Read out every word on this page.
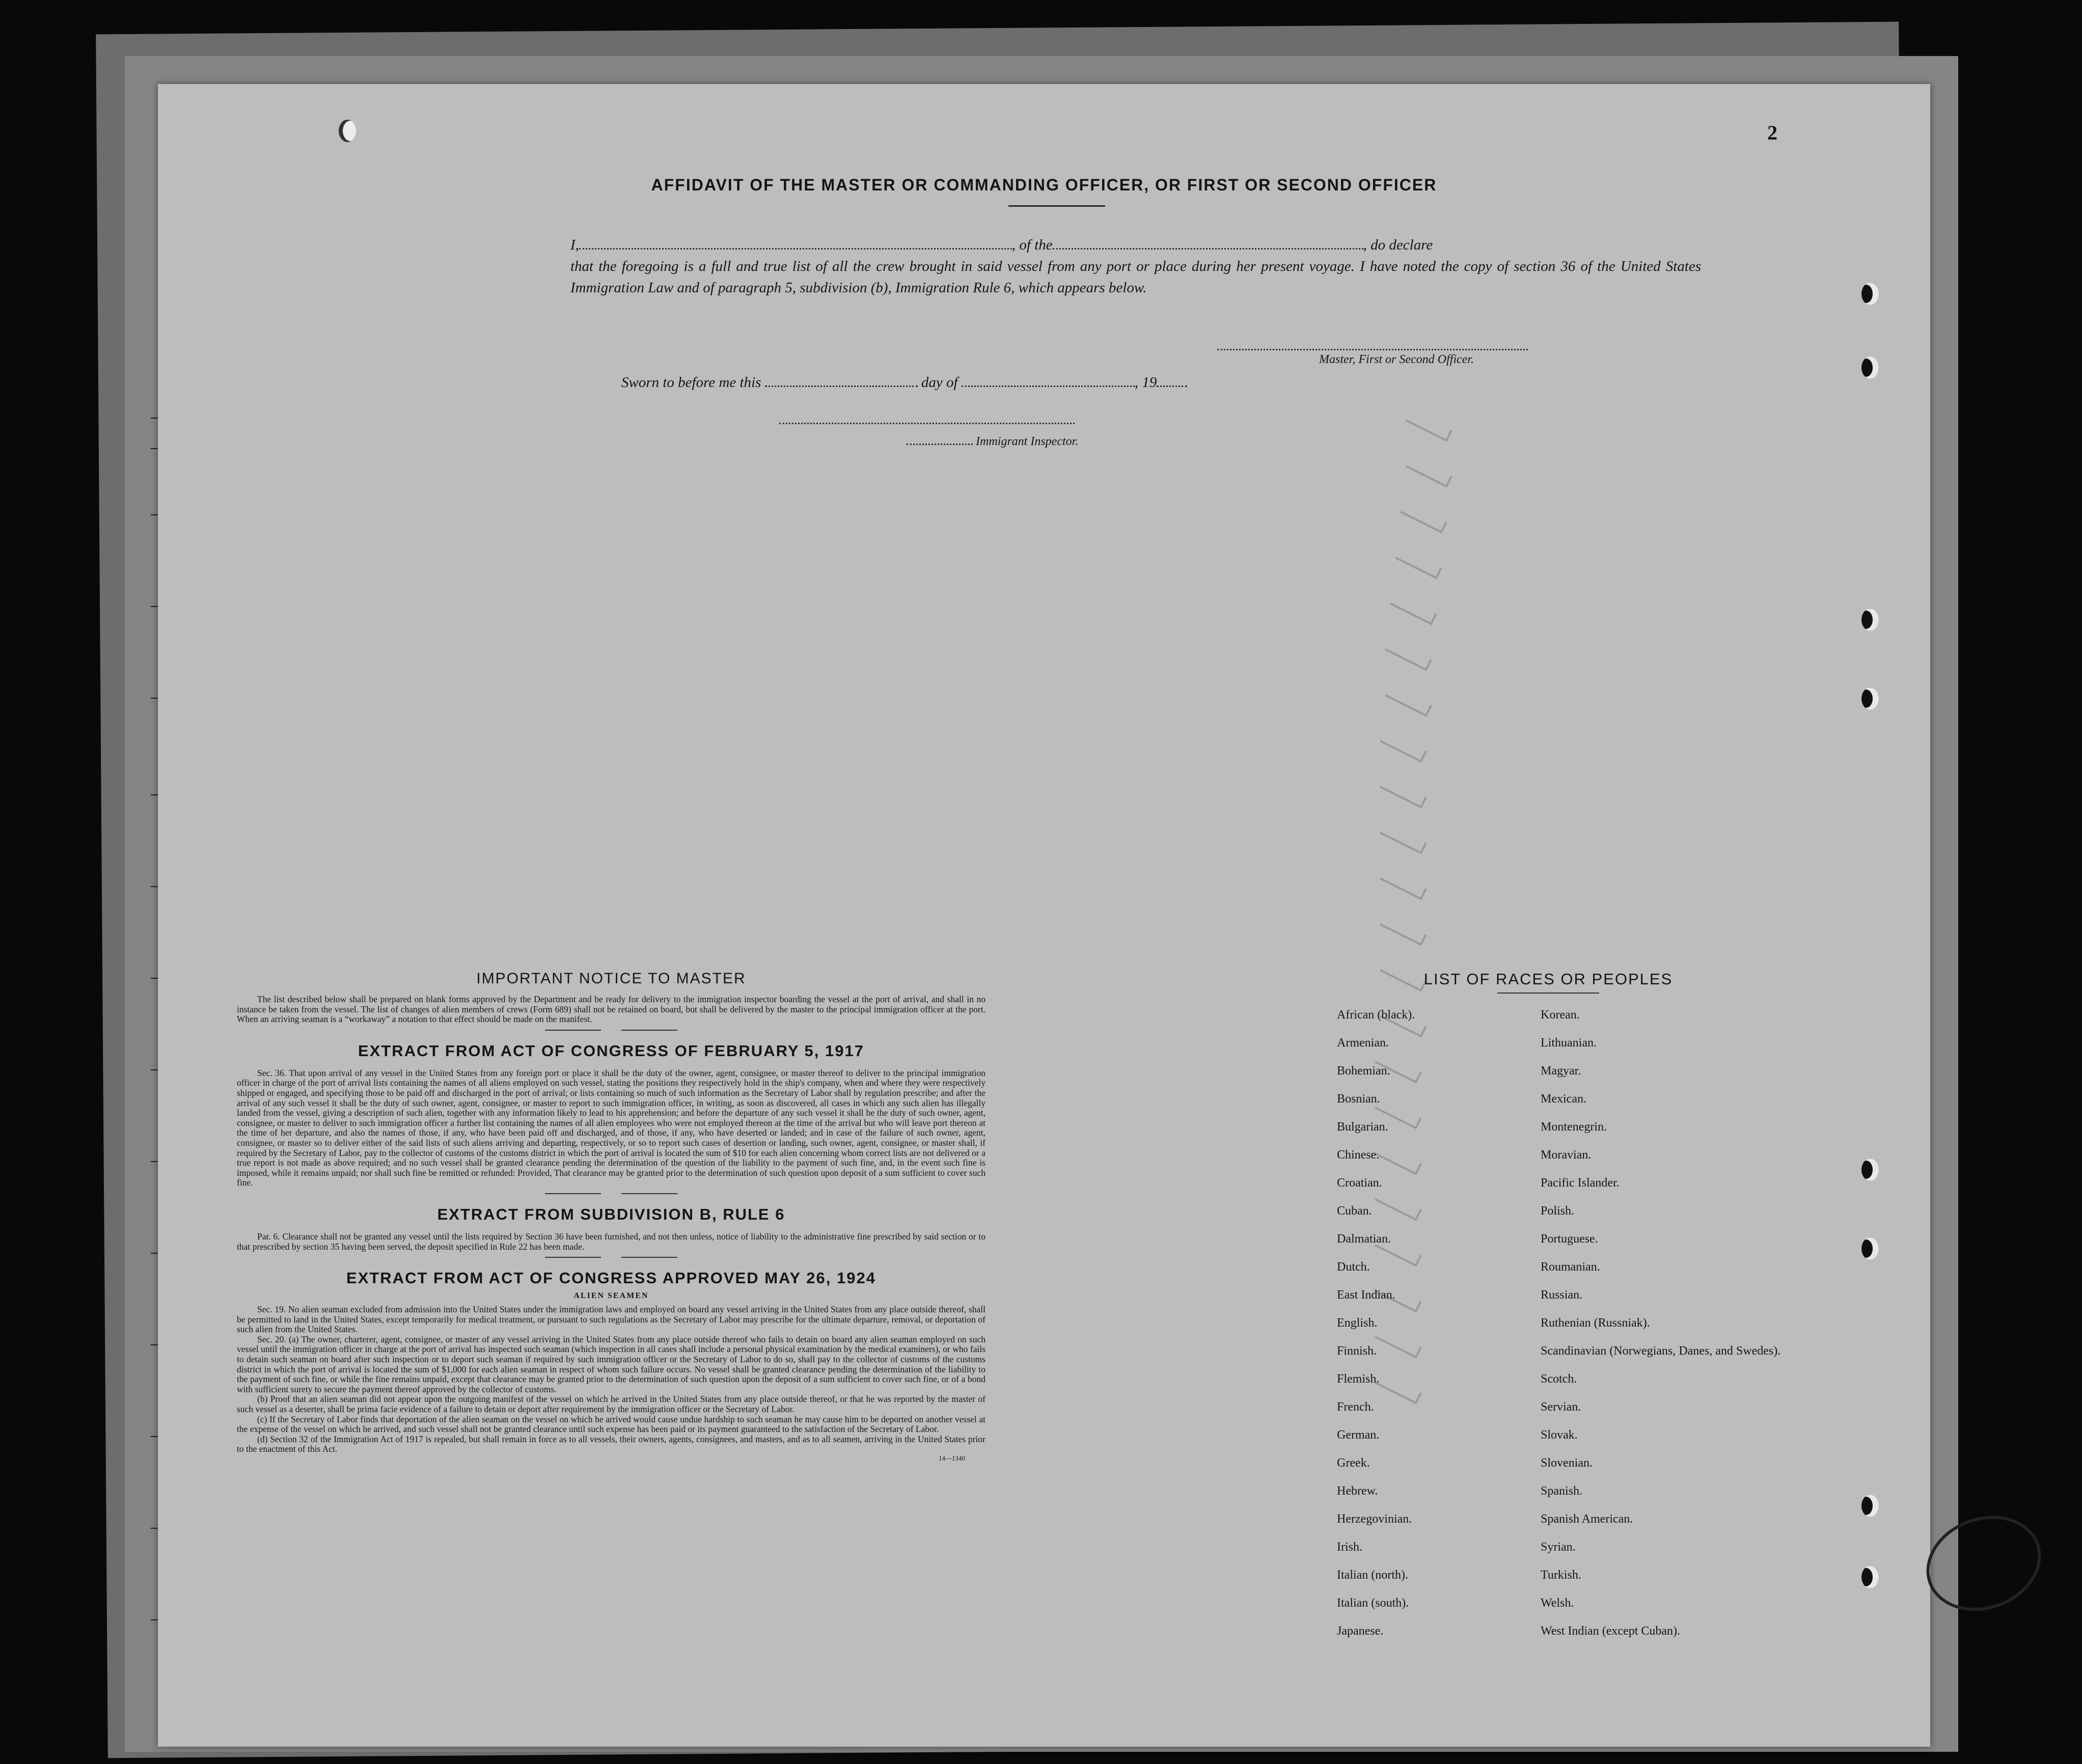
2
AFFIDAVIT OF THE MASTER OR COMMANDING OFFICER, OR FIRST OR SECOND OFFICER
I,	, of the	, do declare
that the foregoing is a full and true list of all the crew brought in said vessel from any port or place during her present voyage. I have noted the copy of section 36 of the United States Immigration Law and of paragraph 5, subdivision (b), Immigration Rule 6, which appears below.
Master, First or Second Officer.
Sworn to before me this	day of	, 19
Immigrant Inspector.
IMPORTANT NOTICE TO MASTER
The list described below shall be prepared on blank forms approved by the Department and be ready for delivery to the immigration inspector boarding the vessel at the port of arrival, and shall in no instance be taken from the vessel. The list of changes of alien members of crews (Form 689) shall not be retained on board, but shall be delivered by the master to the principal immigration officer at the port. When an arriving seaman is a “workaway” a notation to that effect should be made on the manifest.
EXTRACT FROM ACT OF CONGRESS OF FEBRUARY 5, 1917
Sec. 36. That upon arrival of any vessel in the United States from any foreign port or place it shall be the duty of the owner, agent, consignee, or master thereof to deliver to the principal immigration officer in charge of the port of arrival lists containing the names of all aliens employed on such vessel, stating the positions they respectively hold in the ship's company, when and where they were respectively shipped or engaged, and specifying those to be paid off and discharged in the port of arrival; or lists containing so much of such information as the Secretary of Labor shall by regulation prescribe; and after the arrival of any such vessel it shall be the duty of such owner, agent, consignee, or master to report to such immigration officer, in writing, as soon as discovered, all cases in which any such alien has illegally landed from the vessel, giving a description of such alien, together with any information likely to lead to his apprehension; and before the departure of any such vessel it shall be the duty of such owner, agent, consignee, or master to deliver to such immigration officer a further list containing the names of all alien employees who were not employed thereon at the time of the arrival but who will leave port thereon at the time of her departure, and also the names of those, if any, who have been paid off and discharged, and of those, if any, who have deserted or landed; and in case of the failure of such owner, agent, consignee, or master so to deliver either of the said lists of such aliens arriving and departing, respectively, or so to report such cases of desertion or landing, such owner, agent, consignee, or master shall, if required by the Secretary of Labor, pay to the collector of customs of the customs district in which the port of arrival is located the sum of $10 for each alien concerning whom correct lists are not delivered or a true report is not made as above required; and no such vessel shall be granted clearance pending the determination of the question of the liability to the payment of such fine, and, in the event such fine is imposed, while it remains unpaid; nor shall such fine be remitted or refunded: Provided, That clearance may be granted prior to the determination of such question upon deposit of a sum sufficient to cover such fine.
EXTRACT FROM SUBDIVISION B, RULE 6
Par. 6. Clearance shall not be granted any vessel until the lists required by Section 36 have been furnished, and not then unless, notice of liability to the administrative fine prescribed by said section or to that prescribed by section 35 having been served, the deposit specified in Rule 22 has been made.
EXTRACT FROM ACT OF CONGRESS APPROVED MAY 26, 1924
ALIEN SEAMEN
Sec. 19. No alien seaman excluded from admission into the United States under the immigration laws and employed on board any vessel arriving in the United States from any place outside thereof, shall be permitted to land in the United States, except temporarily for medical treatment, or pursuant to such regulations as the Secretary of Labor may prescribe for the ultimate departure, removal, or deportation of such alien from the United States.
Sec. 20. (a) The owner, charterer, agent, consignee, or master of any vessel arriving in the United States from any place outside thereof who fails to detain on board any alien seaman employed on such vessel until the immigration officer in charge at the port of arrival has inspected such seaman (which inspection in all cases shall include a personal physical examination by the medical examiners), or who fails to detain such seaman on board after such inspection or to deport such seaman if required by such immigration officer or the Secretary of Labor to do so, shall pay to the collector of customs of the customs district in which the port of arrival is located the sum of $1,000 for each alien seaman in respect of whom such failure occurs. No vessel shall be granted clearance pending the determination of the liability to the payment of such fine, or while the fine remains unpaid, except that clearance may be granted prior to the determination of such question upon the deposit of a sum sufficient to cover such fine, or of a bond with sufficient surety to secure the payment thereof approved by the collector of customs.
(b) Proof that an alien seaman did not appear upon the outgoing manifest of the vessel on which he arrived in the United States from any place outside thereof, or that he was reported by the master of such vessel as a deserter, shall be prima facie evidence of a failure to detain or deport after requirement by the immigration officer or the Secretary of Labor.
(c) If the Secretary of Labor finds that deportation of the alien seaman on the vessel on which he arrived would cause undue hardship to such seaman he may cause him to be deported on another vessel at the expense of the vessel on which he arrived, and such vessel shall not be granted clearance until such expense has been paid or its payment guaranteed to the satisfaction of the Secretary of Labor.
(d) Section 32 of the Immigration Act of 1917 is repealed, but shall remain in force as to all vessels, their owners, agents, consignees, and masters, and as to all seamen, arriving in the United States prior to the enactment of this Act.
14—1340
LIST OF RACES OR PEOPLES
African (black).	Korean.
Armenian.	Lithuanian.
Bohemian.	Magyar.
Bosnian.	Mexican.
Bulgarian.	Montenegrin.
Chinese.	Moravian.
Croatian.	Pacific Islander.
Cuban.	Polish.
Dalmatian.	Portuguese.
Dutch.	Roumanian.
East Indian.	Russian.
English.	Ruthenian (Russniak).
Finnish.	Scandinavian (Norwegians, Danes, and Swedes).
Flemish.	Scotch.
French.	Servian.
German.	Slovak.
Greek.	Slovenian.
Hebrew.	Spanish.
Herzegovinian.	Spanish American.
Irish.	Syrian.
Italian (north).	Turkish.
Italian (south).	Welsh.
Japanese.	West Indian (except Cuban).
